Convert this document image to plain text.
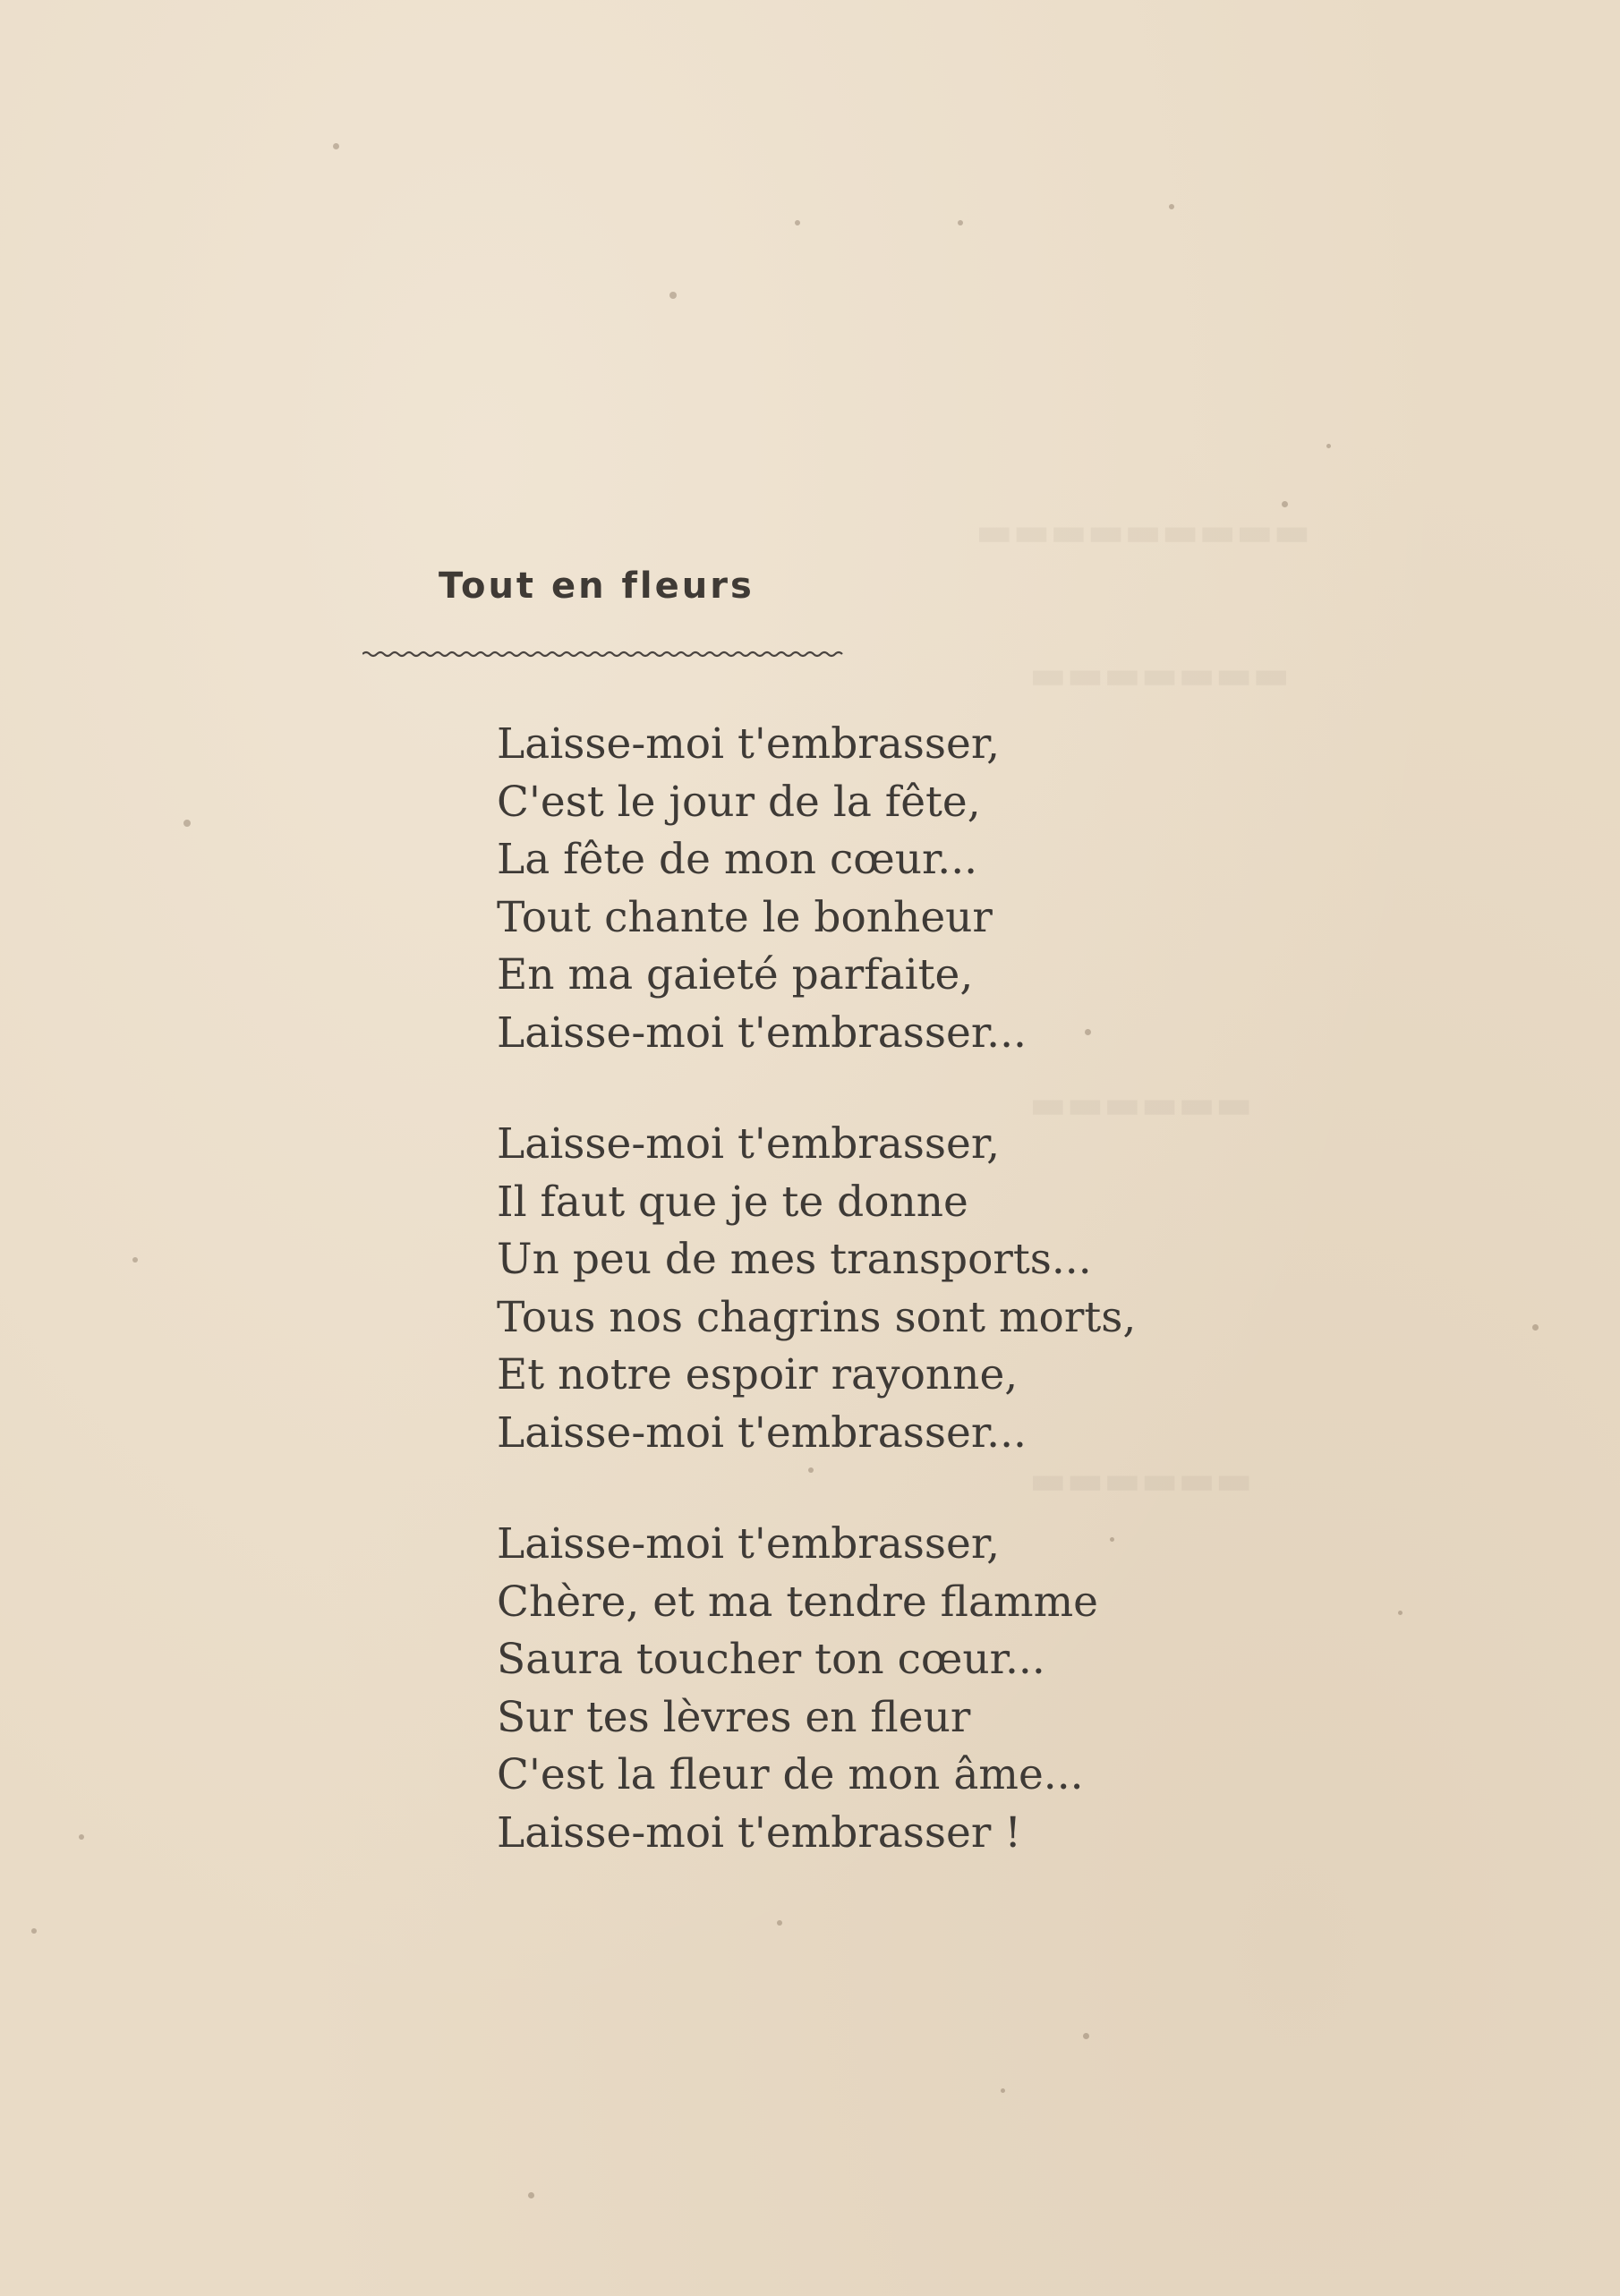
▬▬▬▬▬▬▬▬▬
▬▬▬▬▬▬▬
▬▬▬▬▬▬
▬▬▬▬▬▬
Tout en fleurs
Laisse-moi t'embrasser,
C'est le jour de la fête,
La fête de mon cœur...
Tout chante le bonheur
En ma gaieté parfaite,
Laisse-moi t'embrasser...
Laisse-moi t'embrasser,
Il faut que je te donne
Un peu de mes transports...
Tous nos chagrins sont morts,
Et notre espoir rayonne,
Laisse-moi t'embrasser...
Laisse-moi t'embrasser,
Chère, et ma tendre flamme
Saura toucher ton cœur...
Sur tes lèvres en fleur
C'est la fleur de mon âme...
Laisse-moi t'embrasser !
